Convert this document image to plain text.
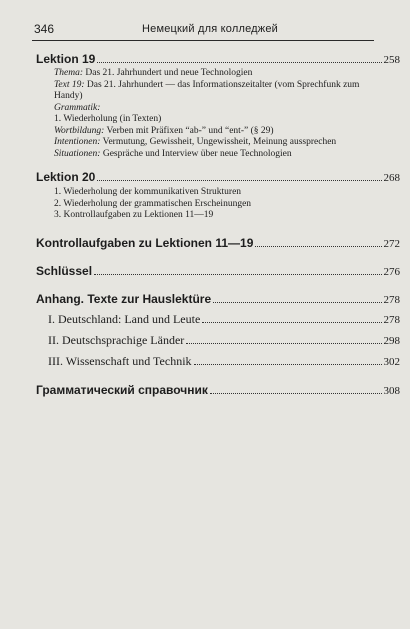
346	Немецкий для колледжей
Lektion 19	258
Thema: Das 21. Jahrhundert und neue Technologien
Text 19: Das 21. Jahrhundert — das Informationszeitalter (vom Sprechfunk zum Handy)
Grammatik:
1. Wiederholung (in Texten)
Wortbildung: Verben mit Präfixen “ab-” und “ent-” (§ 29)
Intentionen: Vermutung, Gewissheit, Ungewissheit, Meinung aussprechen
Situationen: Gespräche und Interview über neue Technologien
Lektion 20	268
1. Wiederholung der kommunikativen Strukturen
2. Wiederholung der grammatischen Erscheinungen
3. Kontrollaufgaben zu Lektionen 11—19
Kontrollaufgaben zu Lektionen 11—19	272
Schlüssel	276
Anhang. Texte zur Hauslektüre	278
I. Deutschland: Land und Leute	278
II. Deutschsprachige Länder	298
III. Wissenschaft und Technik	302
Грамматический справочник	308
